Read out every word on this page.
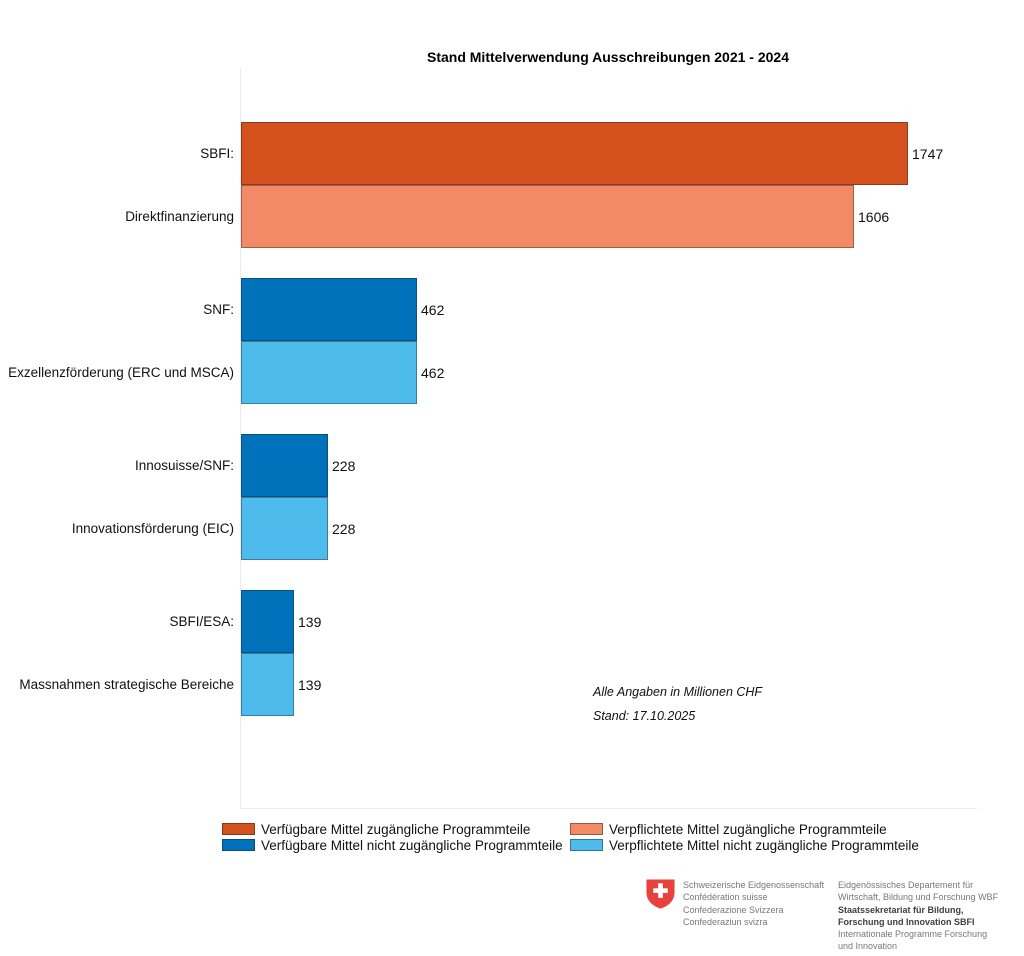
Stand Mittelverwendung Ausschreibungen 2021 - 2024
SBFI:
Direktfinanzierung
SNF:
Exzellenzförderung (ERC und MSCA)
Innosuisse/SNF:
Innovationsförderung (EIC)
SBFI/ESA:
Massnahmen strategische Bereiche
1747
1606
462
462
228
228
139
139	Alle Angaben in Millionen CHF
Stand: 17.10.2025
Verfügbare Mittel zugängliche Programmteile	Verpflichtete Mittel zugängliche Programmteile
Verfügbare Mittel nicht zugängliche Programmteile	Verpflichtete Mittel nicht zugängliche Programmteile
Schweizerische Eidgenossenschaft
Confédération suisse
Confederazione Svizzera
Confederaziun svizra
Eidgenössisches Departement für
Wirtschaft, Bildung und Forschung WBF
Staatssekretariat für Bildung,
Forschung und Innovation SBFI
Internationale Programme Forschung
und Innovation
